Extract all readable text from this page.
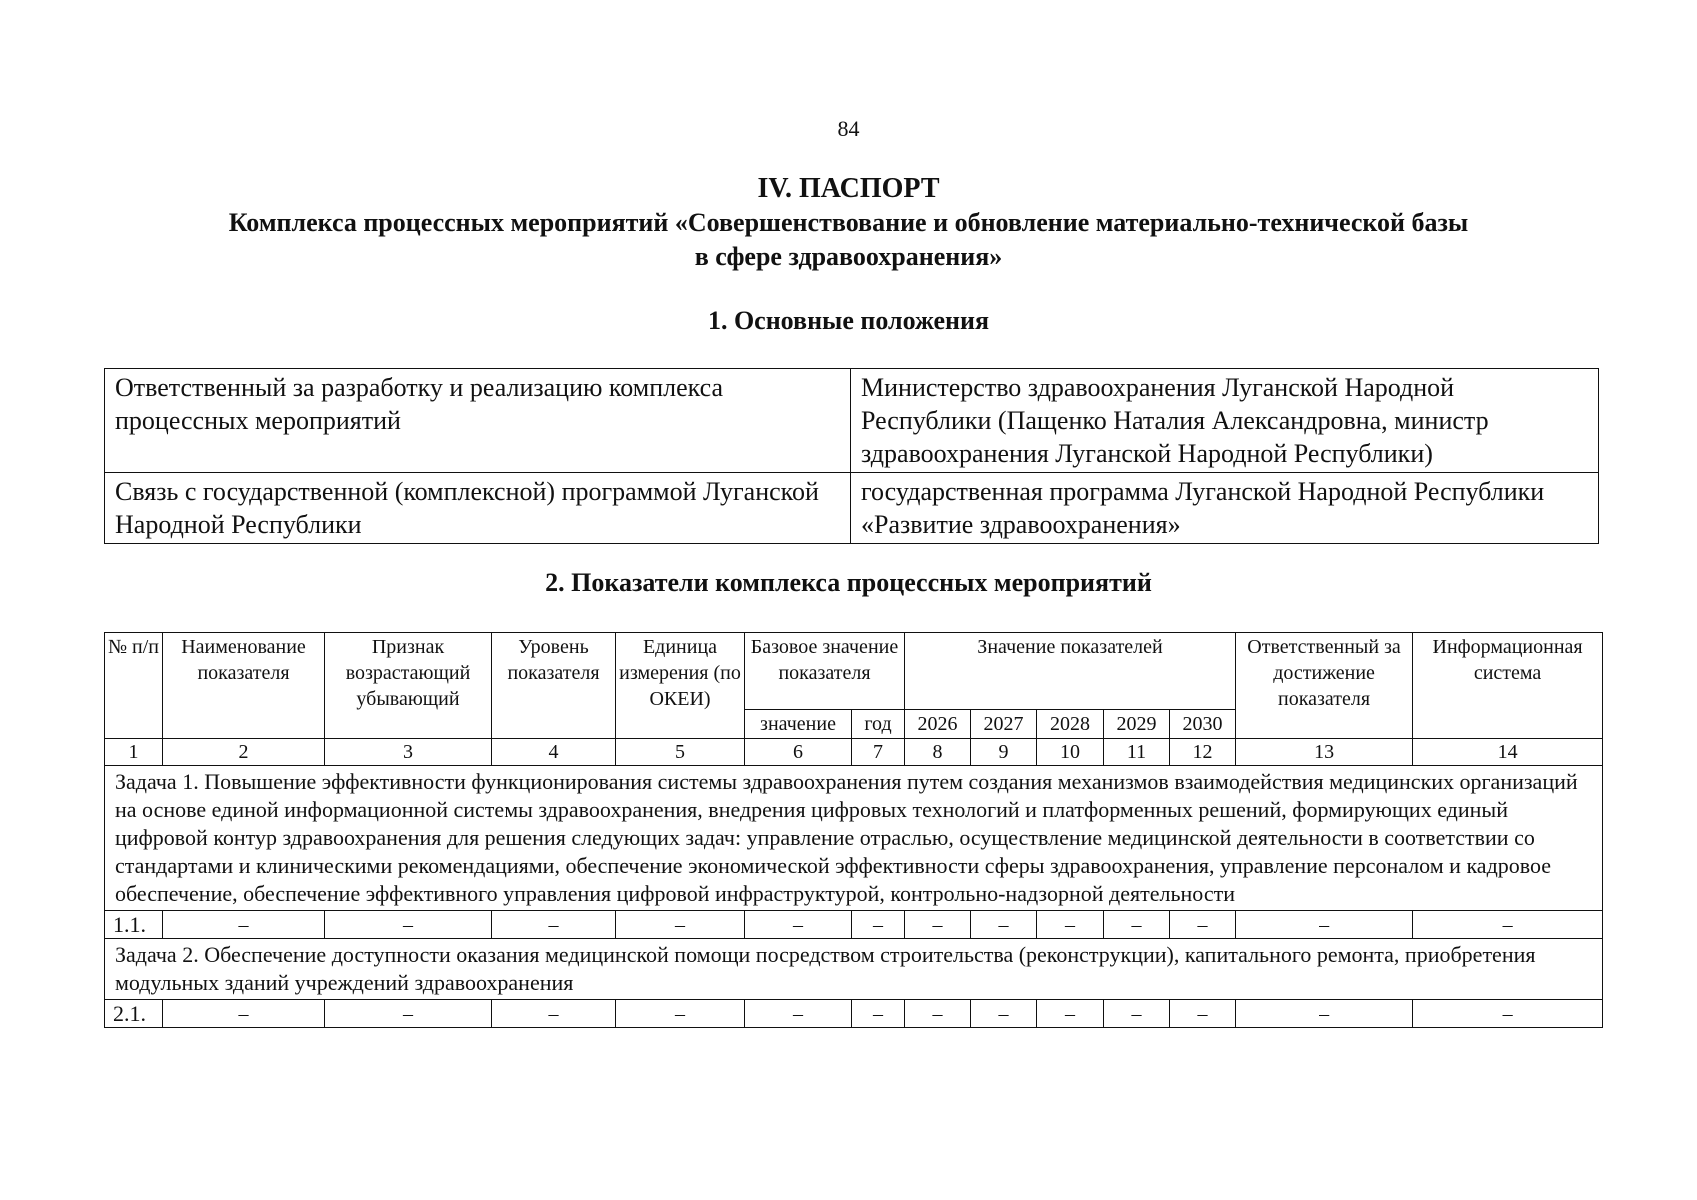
84
IV. ПАСПОРТ
Комплекса процессных мероприятий «Совершенствование и обновление материально-технической базы
в сфере здравоохранения»
1. Основные положения
Ответственный за разработку и реализацию комплекса процессных мероприятий	Министерство здравоохранения Луганской Народной Республики (Пащенко Наталия Александровна, министр здравоохранения Луганской Народной Республики)
Связь с государственной (комплексной) программой Луганской Народной Республики	государственная программа Луганской Народной Республики «Развитие здравоохранения»
2. Показатели комплекса процессных мероприятий
№ п/п	Наименование показателя	Признак возрастающий убывающий	Уровень показателя	Единица измерения (по ОКЕИ)	Базовое значение показателя		Значение показателей					Ответственный за достижение показателя	Информационная система
					значение	год	2026	2027	2028	2029	2030		
1	2	3	4	5	6	7	8	9	10	11	12	13	14
Задача 1. Повышение эффективности функционирования системы здравоохранения путем создания механизмов взаимодействия медицинских организаций на основе единой информационной системы здравоохранения, внедрения цифровых технологий и платформенных решений, формирующих единый цифровой контур здравоохранения для решения следующих задач: управление отраслью, осуществление медицинской деятельности в соответствии со стандартами и клиническими рекомендациями, обеспечение экономической эффективности сферы здравоохранения, управление персоналом и кадровое обеспечение, обеспечение эффективного управления цифровой инфраструктурой, контрольно-надзорной деятельности													
1.1.	–	–	–	–	–	–	–	–	–	–	–	–	–
Задача 2. Обеспечение доступности оказания медицинской помощи посредством строительства (реконструкции), капитального ремонта, приобретения модульных зданий учреждений здравоохранения													
2.1.	–	–	–	–	–	–	–	–	–	–	–	–	–
